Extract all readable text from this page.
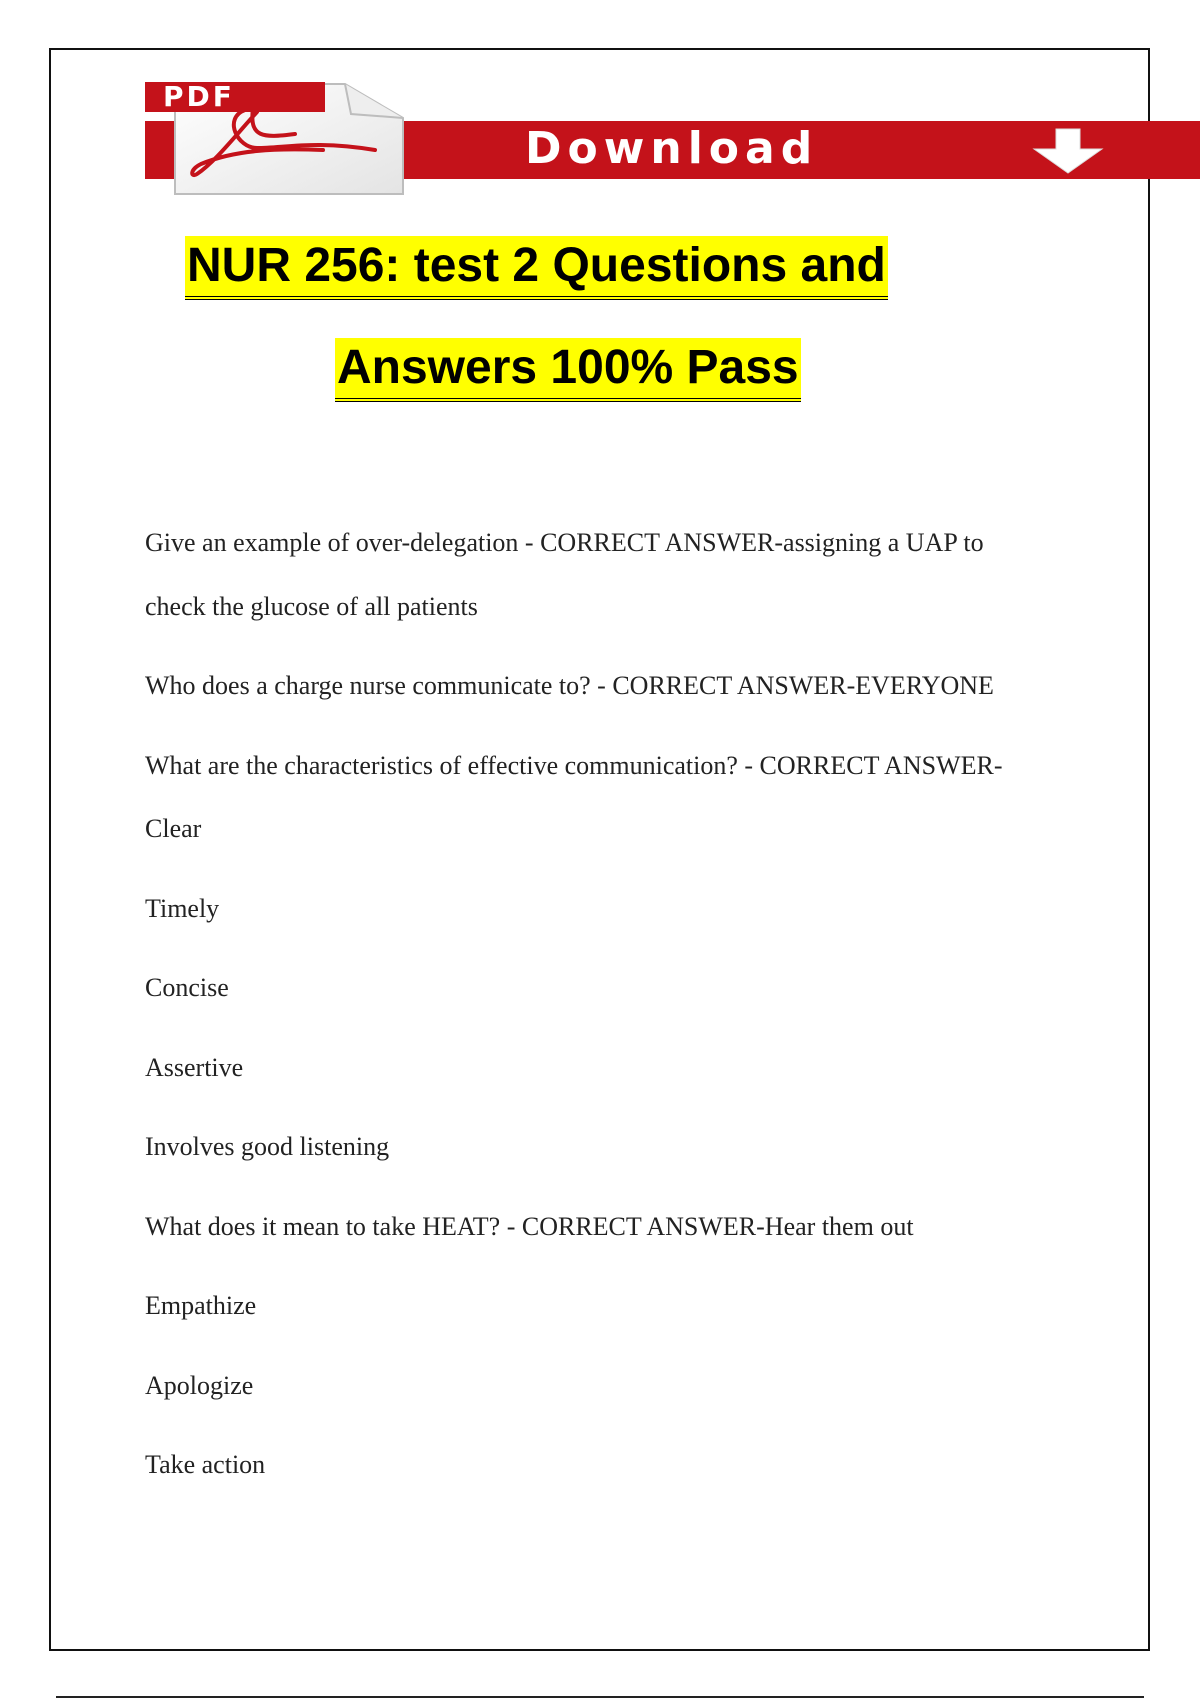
Download
PDF
NUR 256: test 2 Questions and
Answers 100% Pass
Give an example of over-delegation - CORRECT ANSWER-assigning a UAP to
check the glucose of all patients
Who does a charge nurse communicate to? - CORRECT ANSWER-EVERYONE
What are the characteristics of effective communication? - CORRECT ANSWER-
Clear
Timely
Concise
Assertive
Involves good listening
What does it mean to take HEAT? - CORRECT ANSWER-Hear them out
Empathize
Apologize
Take action
